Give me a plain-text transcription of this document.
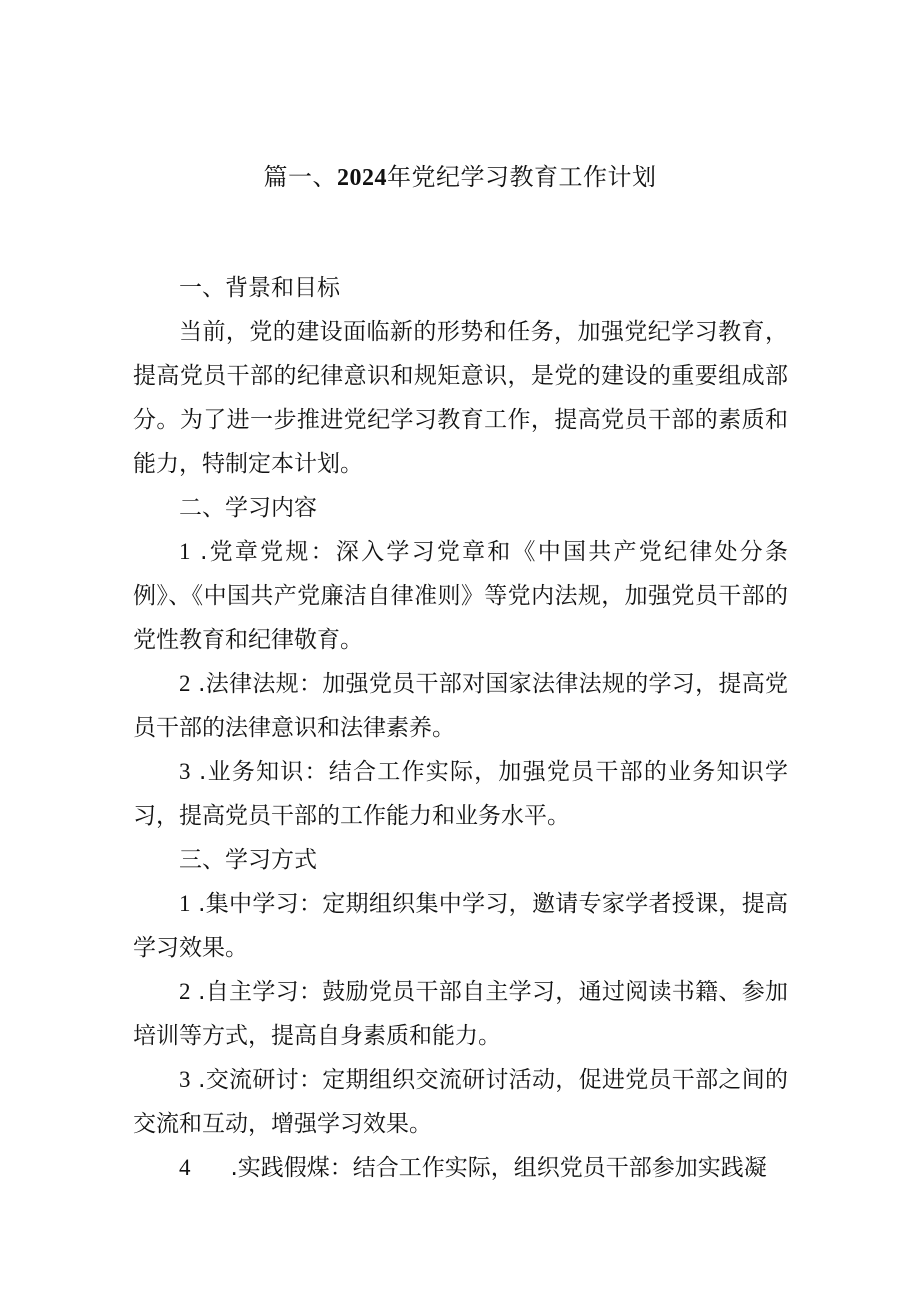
篇一、2024年党纪学习教育工作计划

一、背景和目标

当前，党的建设面临新的形势和任务，加强党纪学习教育，提高党员干部的纪律意识和规矩意识，是党的建设的重要组成部分。为了进一步推进党纪学习教育工作，提高党员干部的素质和能力，特制定本计划。

二、学习内容

1 .党章党规：深入学习党章和《中国共产党纪律处分条例》、《中国共产党廉洁自律准则》等党内法规，加强党员干部的党性教育和纪律敬育。

2 .法律法规：加强党员干部对国家法律法规的学习，提高党员干部的法律意识和法律素养。

3 .业务知识：结合工作实际，加强党员干部的业务知识学习，提高党员干部的工作能力和业务水平。

三、学习方式

1 .集中学习：定期组织集中学习，邀请专家学者授课，提高学习效果。

2 .自主学习：鼓励党员干部自主学习，通过阅读书籍、参加培训等方式，提高自身素质和能力。

3 .交流研讨：定期组织交流研讨活动，促进党员干部之间的交流和互动，增强学习效果。

4 .实践假煤：结合工作实际，组织党员干部参加实践凝
